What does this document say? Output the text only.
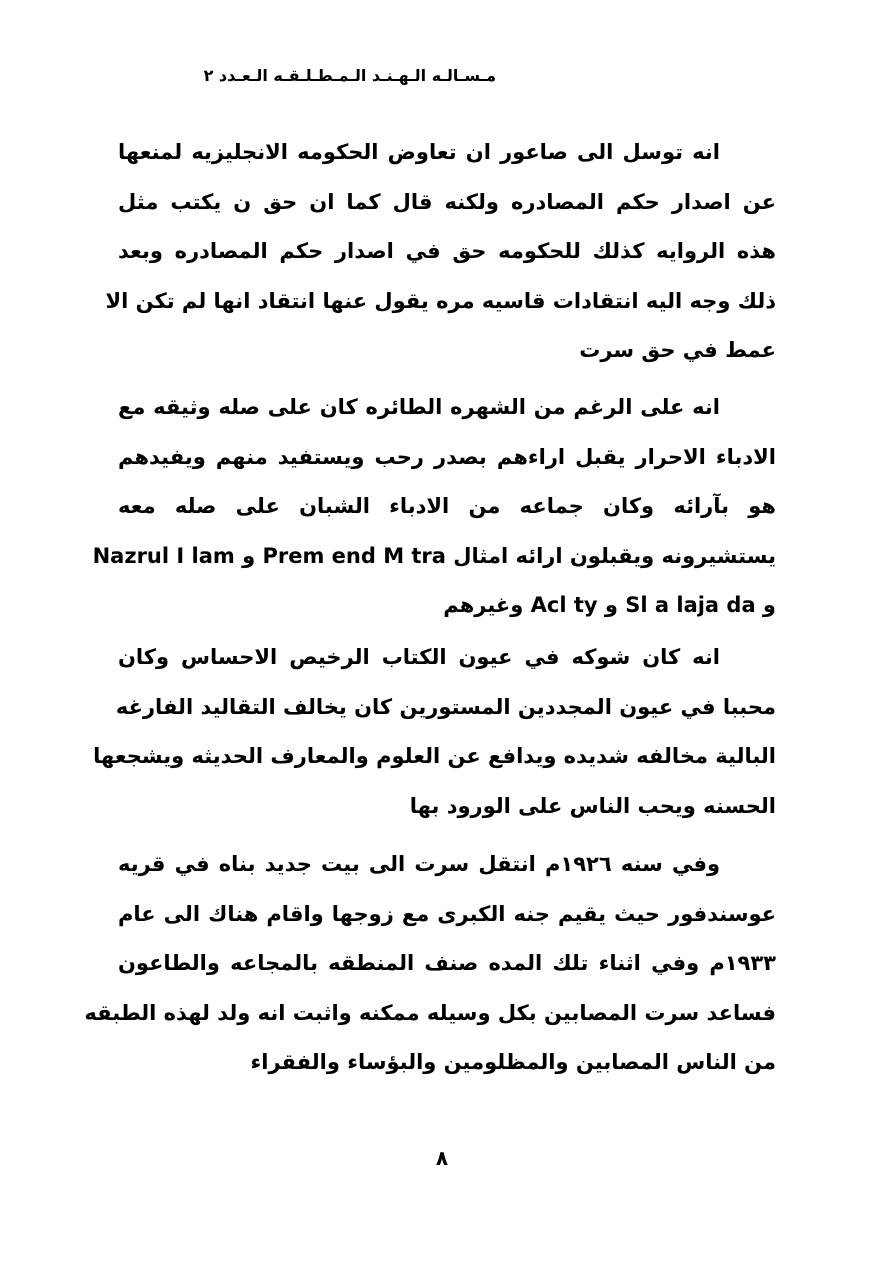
مـسـالـه الـهـنـد الـمـطـلـقـه الـعـدد ٢
انه توسل الى صاعور ان تعاوض الحكومه الانجليزيه لمنعها
عن اصدار حكم المصادره ولكنه قال كما ان حق ن يكتب مثل
هذه الروايه كذلك للحكومه حق في اصدار حكم المصادره وبعد
ذلك وجه اليه انتقادات قاسيه مره يقول عنها انتقاد انها لم تكن الا
عمط في حق سرت
انه على الرغم من الشهره الطائره كان على صله وثيقه مع
الادباء الاحرار يقبل اراءهم بصدر رحب ويستفيد منهم ويفيدهم
هو بآرائه وكان جماعه من الادباء الشبان على صله معه
يستشيرونه ويقبلون ارائه امثال Prem end M tra و Nazrul I lam
و Sl a laja da و Acl ty وغيرهم
انه كان شوكه في عيون الكتاب الرخيص الاحساس وكان
محببا في عيون المجددين المستورين كان يخالف التقاليد الفارغه
البالية مخالفه شديده ويدافع عن العلوم والمعارف الحديثه ويشجعها
الحسنه ويحب الناس على الورود بها
وفي سنه ١٩٢٦م انتقل سرت الى بيت جديد بناه في قريه
عوسندفور حيث يقيم جنه الكبرى مع زوجها واقام هناك الى عام
١٩٣٣م وفي اثناء تلك المده صنف المنطقه بالمجاعه والطاعون
فساعد سرت المصابين بكل وسيله ممكنه واثبت انه ولد لهذه الطبقه
من الناس المصابين والمظلومين والبؤساء والفقراء
٨
